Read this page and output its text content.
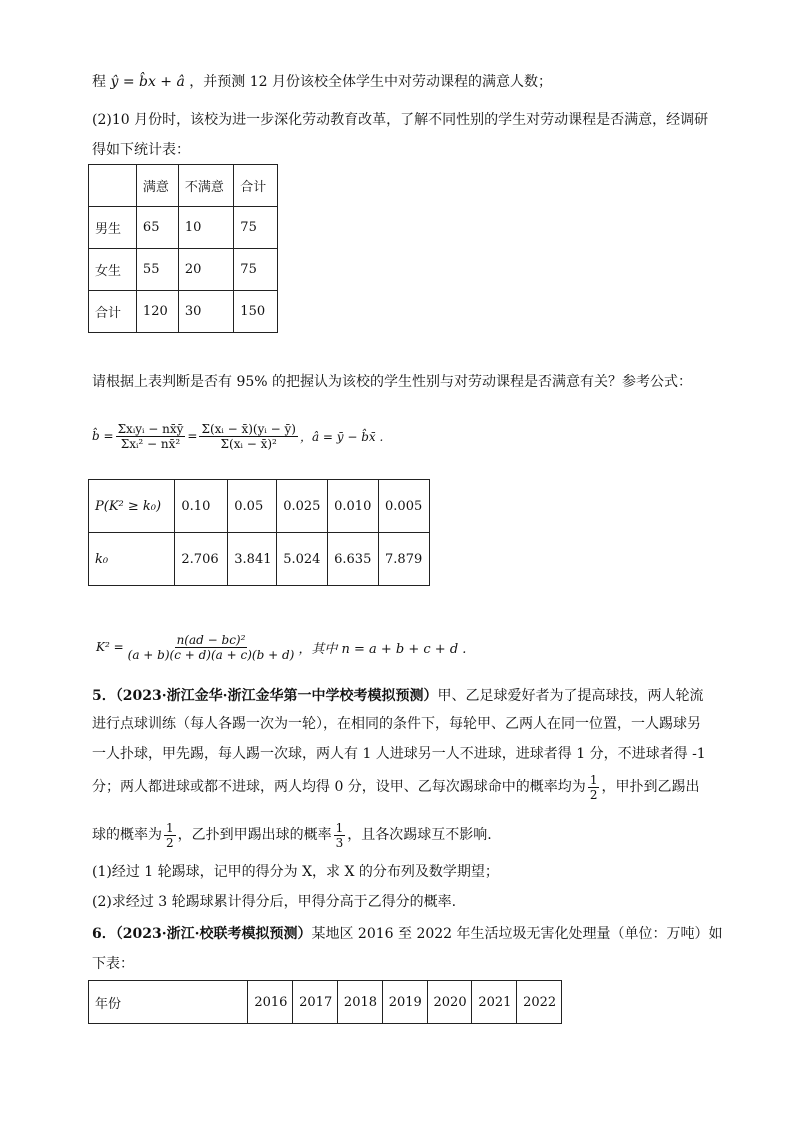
程 ŷ = b̂x + â ，并预测 12 月份该校全体学生中对劳动课程的满意人数；
(2)10 月份时，该校为进一步深化劳动教育改革，了解不同性别的学生对劳动课程是否满意，经调研
得如下统计表：
	满意	不满意	合计
男生	65	10	75
女生	55	20	75
合计	120	30	150
请根据上表判断是否有 95% 的把握认为该校的学生性别与对劳动课程是否满意有关？参考公式：
b̂ = $\frac{\text{Σxᵢyᵢ − nx̄ȳ}}{\text{Σxᵢ² − nx̄²}} = \frac{\text{Σ(xᵢ − x̄)(yᵢ − ȳ)}}{\text{Σ(xᵢ − x̄)²}}$ ，â = ȳ − b̂x̄ .
P(K² ≥ k₀)	0.10	0.05	0.025	0.010	0.005
k₀	2.706	3.841	5.024	6.635	7.879
$K^2 = \frac{\text{n(ad − bc)²}}{(a + b)(c + d)(a + c)(b + d)}$ ，其中 n = a + b + c + d .
5．（2023·浙江金华·浙江金华第一中学校考模拟预测）甲、乙足球爱好者为了提高球技，两人轮流
进行点球训练（每人各踢一次为一轮），在相同的条件下，每轮甲、乙两人在同一位置，一人踢球另
一人扑球，甲先踢，每人踢一次球，两人有 1 人进球另一人不进球，进球者得 1 分，不进球者得 -1
分；两人都进球或都不进球，两人均得 0 分，设甲、乙每次踢球命中的概率均为 $\frac{1}{2}$ ，甲扑到乙踢出
球的概率为 $\frac{1}{2}$ ，乙扑到甲踢出球的概率 $\frac{1}{3}$ ，且各次踢球互不影响.
(1)经过 1 轮踢球，记甲的得分为 X，求 X 的分布列及数学期望；
(2)求经过 3 轮踢球累计得分后，甲得分高于乙得分的概率.
6．（2023·浙江·校联考模拟预测）某地区 2016 至 2022 年生活垃圾无害化处理量（单位：万吨）如
下表：
年份	2016	2017	2018	2019	2020	2021	2022
